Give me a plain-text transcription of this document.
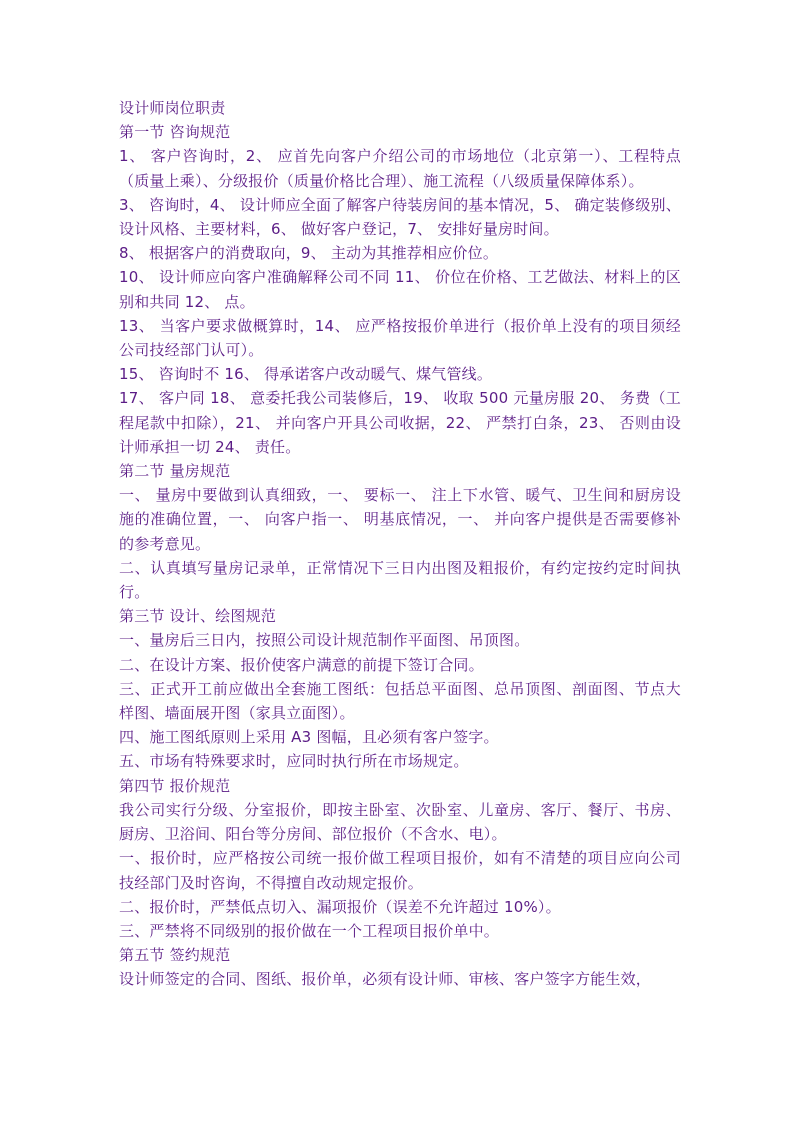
设计师岗位职责

第一节 咨询规范

1、 客户咨询时，2、 应首先向客户介绍公司的市场地位（北京第一）、工程特点（质量上乘）、分级报价（质量价格比合理）、施工流程（八级质量保障体系）。

3、 咨询时，4、 设计师应全面了解客户待装房间的基本情况，5、 确定装修级别、设计风格、主要材料，6、 做好客户登记，7、 安排好量房时间。

8、 根据客户的消费取向，9、 主动为其推荐相应价位。

10、 设计师应向客户准确解释公司不同 11、 价位在价格、工艺做法、材料上的区别和共同 12、 点。

13、 当客户要求做概算时，14、 应严格按报价单进行（报价单上没有的项目须经公司技经部门认可）。

15、 咨询时不 16、 得承诺客户改动暖气、煤气管线。

17、 客户同 18、 意委托我公司装修后，19、 收取 500 元量房服 20、 务费（工程尾款中扣除），21、 并向客户开具公司收据，22、 严禁打白条，23、 否则由设计师承担一切 24、 责任。

第二节 量房规范

一、 量房中要做到认真细致，一、 要标一、 注上下水管、暖气、卫生间和厨房设施的准确位置，一、 向客户指一、 明基底情况，一、 并向客户提供是否需要修补的参考意见。

二、认真填写量房记录单，正常情况下三日内出图及粗报价，有约定按约定时间执行。

第三节 设计、绘图规范

一、量房后三日内，按照公司设计规范制作平面图、吊顶图。

二、在设计方案、报价使客户满意的前提下签订合同。

三、正式开工前应做出全套施工图纸：包括总平面图、总吊顶图、剖面图、节点大样图、墙面展开图（家具立面图）。

四、施工图纸原则上采用 A3 图幅，且必须有客户签字。

五、市场有特殊要求时，应同时执行所在市场规定。

第四节 报价规范

我公司实行分级、分室报价，即按主卧室、次卧室、儿童房、客厅、餐厅、书房、厨房、卫浴间、阳台等分房间、部位报价（不含水、电）。

一、报价时，应严格按公司统一报价做工程项目报价，如有不清楚的项目应向公司技经部门及时咨询，不得擅自改动规定报价。

二、报价时，严禁低点切入、漏项报价（误差不允许超过 10%）。

三、严禁将不同级别的报价做在一个工程项目报价单中。

第五节 签约规范

设计师签定的合同、图纸、报价单，必须有设计师、审核、客户签字方能生效，
